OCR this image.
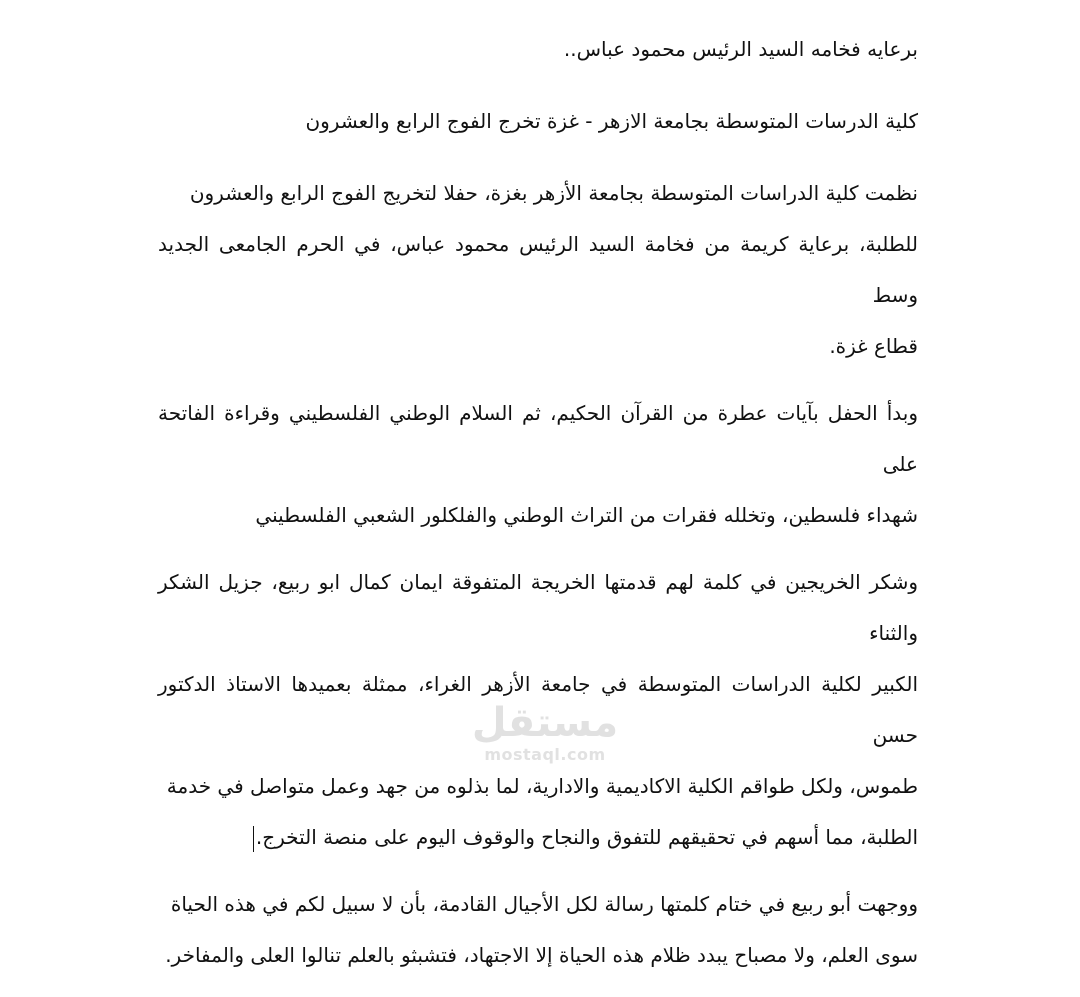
برعايه فخامه السيد الرئيس محمود عباس..

كلية الدرسات المتوسطة بجامعة الازهر - غزة تخرج الفوج الرابع والعشرون

نظمت كلية الدراسات المتوسطة بجامعة الأزهر بغزة، حفلا لتخريج الفوج الرابع والعشرون
للطلبة، برعاية كريمة من فخامة السيد الرئيس محمود عباس، في الحرم الجامعى الجديد وسط
قطاع غزة.

وبدأ الحفل بآيات عطرة من القرآن الحكيم، ثم السلام الوطني الفلسطيني وقراءة الفاتحة على
شهداء فلسطين، وتخلله فقرات من التراث الوطني والفلكلور الشعبي الفلسطيني

وشكر الخريجين في كلمة لهم قدمتها الخريجة المتفوقة ايمان كمال ابو ربيع، جزيل الشكر والثناء
الكبير لكلية الدراسات المتوسطة في جامعة الأزهر الغراء، ممثلة بعميدها الاستاذ الدكتور حسن
طموس، ولكل طواقم الكلية الاكاديمية والادارية، لما بذلوه من جهد وعمل متواصل في خدمة
الطلبة، مما أسهم في تحقيقهم للتفوق والنجاح والوقوف اليوم على منصة التخرج.

ووجهت أبو ربيع في ختام كلمتها رسالة لكل الأجيال القادمة، بأن لا سبيل لكم في هذه الحياة
سوى العلم، ولا مصباح يبدد ظلام هذه الحياة إلا الاجتهاد، فتشبثو بالعلم تنالوا العلى والمفاخر.

مستقل
mostaql.com
